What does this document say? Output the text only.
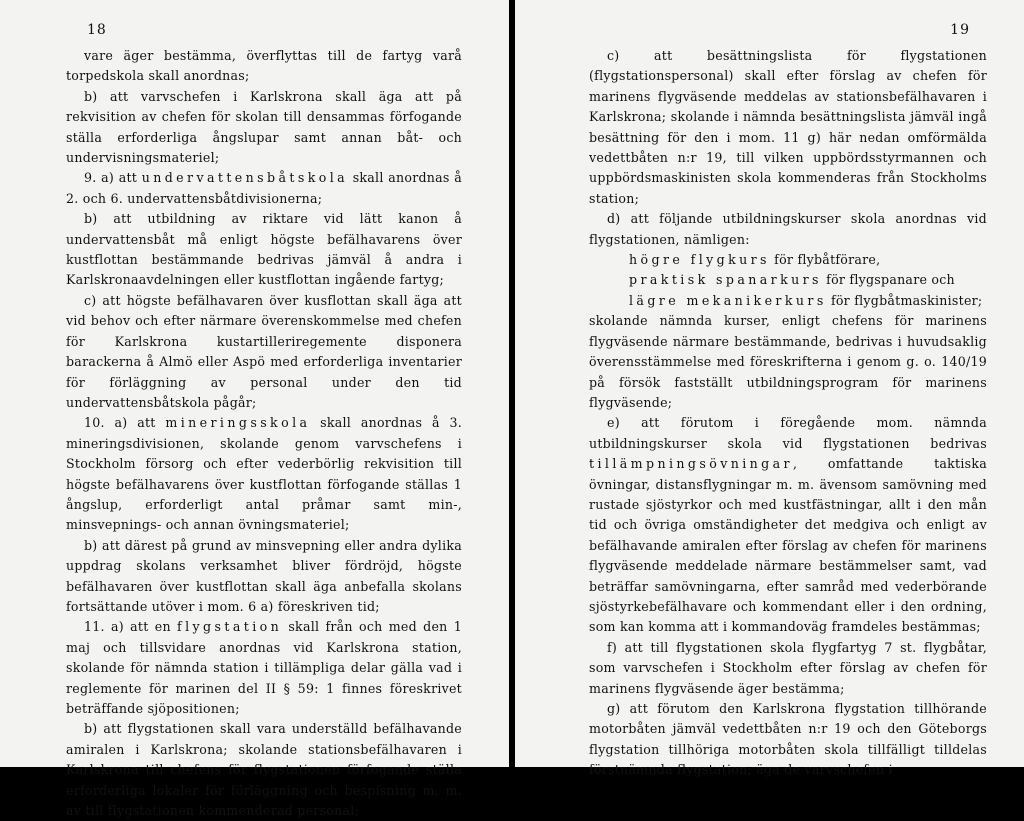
18

vare äger bestämma, överflyttas till de fartyg varå torpedskola skall anordnas;

b) att varvschefen i Karlskrona skall äga att på rekvisition av chefen för skolan till densammas förfogande ställa erforderliga ångslupar samt annan båt- och undervisningsmateriel;

9. a) att undervattensbåtskola skall anordnas å 2. och 6. undervattensbåtdivisionerna;

b) att utbildning av riktare vid lätt kanon å undervattensbåt må enligt högste befälhavarens över kustflottan bestämmande bedrivas jämväl å andra i Karlskronaavdelningen eller kustflottan ingående fartyg;

c) att högste befälhavaren över kusflottan skall äga att vid behov och efter närmare överenskommelse med chefen för Karlskrona kustartilleriregemente disponera barackerna å Almö eller Aspö med erforderliga inventarier för förläggning av personal under den tid undervattensbåtskola pågår;

10. a) att mineringsskola skall anordnas å 3. mineringsdivisionen, skolande genom varvschefens i Stockholm försorg och efter vederbörlig rekvisition till högste befälhavarens över kustflottan förfogande ställas 1 ångslup, erforderligt antal pråmar samt min-, minsvepnings- och annan övningsmateriel;

b) att därest på grund av minsvepning eller andra dylika uppdrag skolans verksamhet bliver fördröjd, högste befälhavaren över kustflottan skall äga anbefalla skolans fortsättande utöver i mom. 6 a) föreskriven tid;

11. a) att en flygstation skall från och med den 1 maj och tillsvidare anordnas vid Karlskrona station, skolande för nämnda station i tillämpliga delar gälla vad i reglemente för marinen del II § 59: 1 finnes föreskrivet beträffande sjöpositionen;

b) att flygstationen skall vara underställd befälhavande amiralen i Karlskrona; skolande stationsbefälhavaren i Karlskrona till chefens för flygstationen förfogande ställa erforderliga lokaler för förläggning och bespisning m. m. av till flygstationen kommenderad personal;

19

c) att besättningslista för flygstationen (flygstationspersonal) skall efter förslag av chefen för marinens flygväsende meddelas av stationsbefälhavaren i Karlskrona; skolande i nämnda besättningslista jämväl ingå besättning för den i mom. 11 g) här nedan omförmälda vedettbåten n:r 19, till vilken uppbördsstyrmannen och uppbördsmaskinisten skola kommenderas från Stockholms station;

d) att följande utbildningskurser skola anordnas vid flygstationen, nämligen:

högre flygkurs för flybåtförare,

praktisk spanarkurs för flygspanare och

lägre mekanikerkurs för flygbåtmaskinister;

skolande nämnda kurser, enligt chefens för marinens flygväsende närmare bestämmande, bedrivas i huvudsaklig överensstämmelse med föreskrifterna i genom g. o. 140/19 på försök fastställt utbildningsprogram för marinens flygväsende;

e) att förutom i föregående mom. nämnda utbildningskurser skola vid flygstationen bedrivas tillämpningsövningar, omfattande taktiska övningar, distansflygningar m. m. ävensom samövning med rustade sjöstyrkor och med kustfästningar, allt i den mån tid och övriga omständigheter det medgiva och enligt av befälhavande amiralen efter förslag av chefen för marinens flygväsende meddelade närmare bestämmelser samt, vad beträffar samövningarna, efter samråd med vederbörande sjöstyrkebefälhavare och kommendant eller i den ordning, som kan komma att i kommandoväg framdeles bestämmas;

f) att till flygstationen skola flygfartyg 7 st. flygbåtar, som varvschefen i Stockholm efter förslag av chefen för marinens flygväsende äger bestämma;

g) att förutom den Karlskrona flygstation tillhörande motorbåten jämväl vedettbåten n:r 19 och den Göteborgs flygstation tillhöriga motorbåten skola tillfälligt tilldelas förstnämnda flygstation; äga de varvschefen i
